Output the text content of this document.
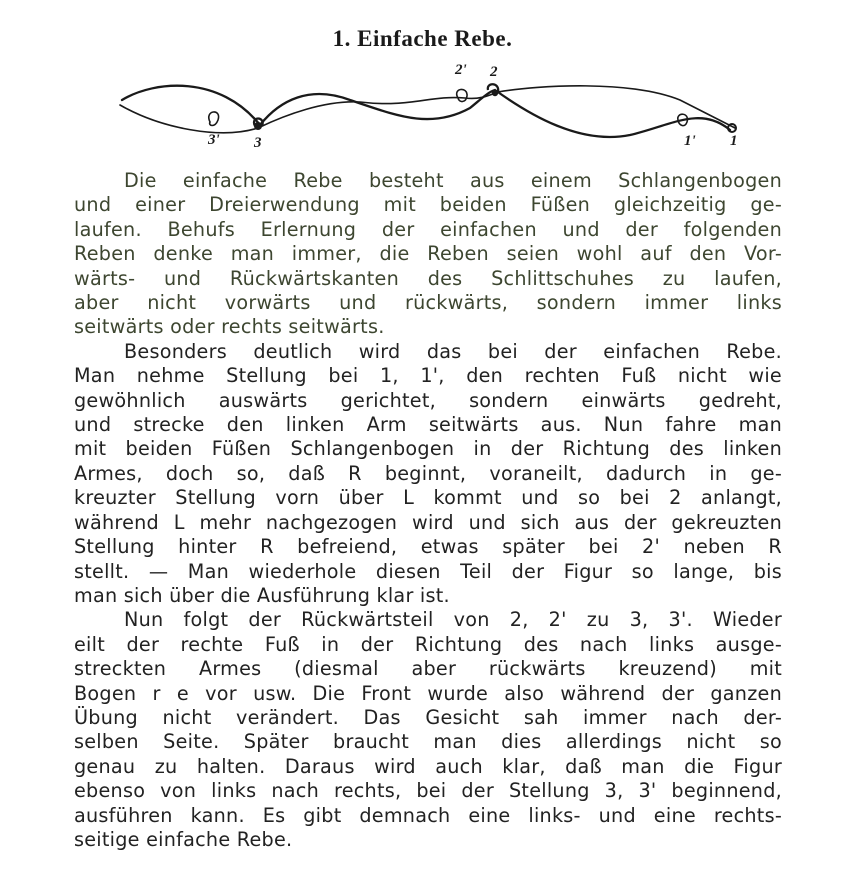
1. Einfache Rebe.
2' 2
3' 3	1' 1
Die einfache Rebe besteht aus einem Schlangenbogen
und einer Dreierwendung mit beiden Füßen gleichzeitig ge-
laufen. Behufs Erlernung der einfachen und der folgenden
Reben denke man immer, die Reben seien wohl auf den Vor-
wärts- und Rückwärtskanten des Schlittschuhes zu laufen,
aber nicht vorwärts und rückwärts, sondern immer links
seitwärts oder rechts seitwärts.
Besonders deutlich wird das bei der einfachen Rebe.
Man nehme Stellung bei 1, 1', den rechten Fuß nicht wie
gewöhnlich auswärts gerichtet, sondern einwärts gedreht,
und strecke den linken Arm seitwärts aus. Nun fahre man
mit beiden Füßen Schlangenbogen in der Richtung des linken
Armes, doch so, daß R beginnt, voraneilt, dadurch in ge-
kreuzter Stellung vorn über L kommt und so bei 2 anlangt,
während L mehr nachgezogen wird und sich aus der gekreuzten
Stellung hinter R befreiend, etwas später bei 2' neben R
stellt. — Man wiederhole diesen Teil der Figur so lange, bis
man sich über die Ausführung klar ist.
Nun folgt der Rückwärtsteil von 2, 2' zu 3, 3'. Wieder
eilt der rechte Fuß in der Richtung des nach links ausge-
streckten Armes (diesmal aber rückwärts kreuzend) mit
Bogen r e vor usw. Die Front wurde also während der ganzen
Übung nicht verändert. Das Gesicht sah immer nach der-
selben Seite. Später braucht man dies allerdings nicht so
genau zu halten. Daraus wird auch klar, daß man die Figur
ebenso von links nach rechts, bei der Stellung 3, 3' beginnend,
ausführen kann. Es gibt demnach eine links- und eine rechts-
seitige einfache Rebe.
